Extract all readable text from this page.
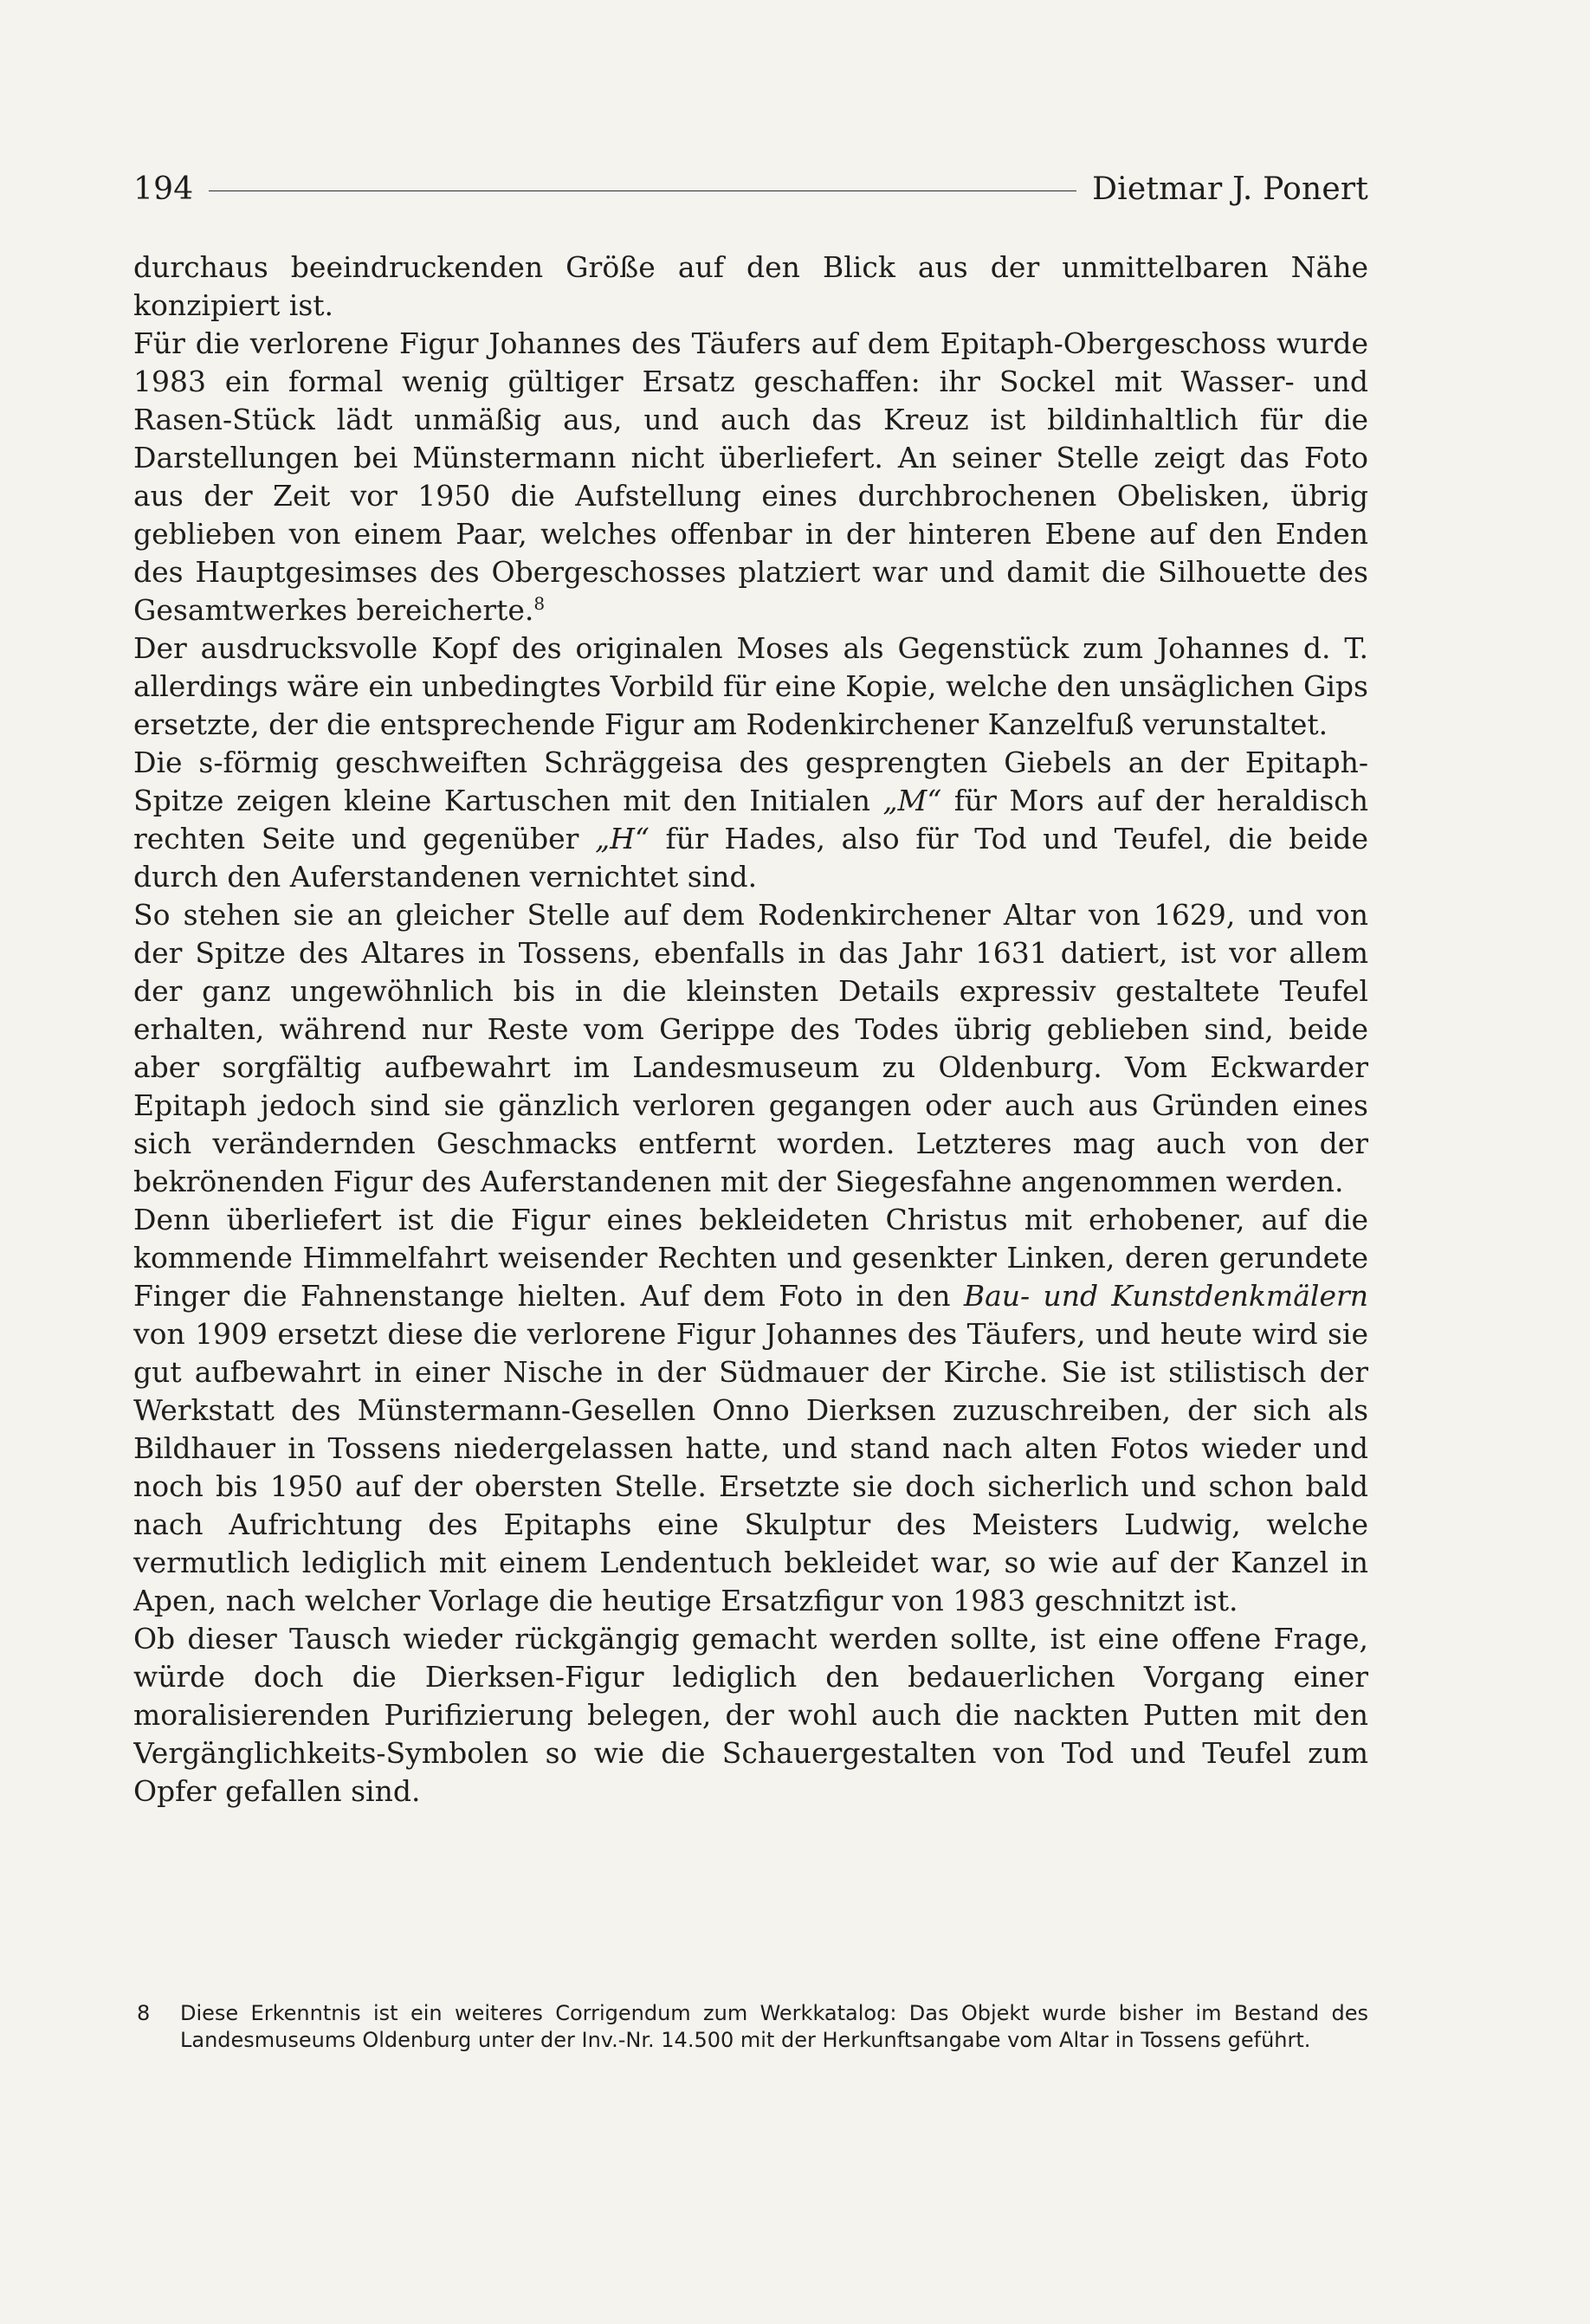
194	Dietmar J. Ponert

durchaus beeindruckenden Größe auf den Blick aus der unmittelbaren Nähe konzipiert ist.

Für die verlorene Figur Johannes des Täufers auf dem Epitaph-Obergeschoss wurde 1983 ein formal wenig gültiger Ersatz geschaffen: ihr Sockel mit Wasser- und Rasen-Stück lädt unmäßig aus, und auch das Kreuz ist bildinhaltlich für die Darstellungen bei Münstermann nicht überliefert. An seiner Stelle zeigt das Foto aus der Zeit vor 1950 die Aufstellung eines durchbrochenen Obelisken, übrig geblieben von einem Paar, welches offenbar in der hinteren Ebene auf den Enden des Hauptgesimses des Obergeschosses platziert war und damit die Silhouette des Gesamtwerkes bereicherte.$^8$

Der ausdrucksvolle Kopf des originalen Moses als Gegenstück zum Johannes d. T. allerdings wäre ein unbedingtes Vorbild für eine Kopie, welche den unsäglichen Gips ersetzte, der die entsprechende Figur am Rodenkirchener Kanzelfuß verunstaltet.

Die s-förmig geschweiften Schräggeisa des gesprengten Giebels an der Epitaph-Spitze zeigen kleine Kartuschen mit den Initialen „M“ für Mors auf der heraldisch rechten Seite und gegenüber „H“ für Hades, also für Tod und Teufel, die beide durch den Auferstandenen vernichtet sind.

So stehen sie an gleicher Stelle auf dem Rodenkirchener Altar von 1629, und von der Spitze des Altares in Tossens, ebenfalls in das Jahr 1631 datiert, ist vor allem der ganz ungewöhnlich bis in die kleinsten Details expressiv gestaltete Teufel erhalten, während nur Reste vom Gerippe des Todes übrig geblieben sind, beide aber sorgfältig aufbewahrt im Landesmuseum zu Oldenburg. Vom Eckwarder Epitaph jedoch sind sie gänzlich verloren gegangen oder auch aus Gründen eines sich verändernden Geschmacks entfernt worden. Letzteres mag auch von der bekrönenden Figur des Auferstandenen mit der Siegesfahne angenommen werden.

Denn überliefert ist die Figur eines bekleideten Christus mit erhobener, auf die kommende Himmelfahrt weisender Rechten und gesenkter Linken, deren gerundete Finger die Fahnenstange hielten. Auf dem Foto in den Bau- und Kunstdenkmälern von 1909 ersetzt diese die verlorene Figur Johannes des Täufers, und heute wird sie gut aufbewahrt in einer Nische in der Südmauer der Kirche. Sie ist stilistisch der Werkstatt des Münstermann-Gesellen Onno Dierksen zuzuschreiben, der sich als Bildhauer in Tossens niedergelassen hatte, und stand nach alten Fotos wieder und noch bis 1950 auf der obersten Stelle. Ersetzte sie doch sicherlich und schon bald nach Aufrichtung des Epitaphs eine Skulptur des Meisters Ludwig, welche vermutlich lediglich mit einem Lendentuch bekleidet war, so wie auf der Kanzel in Apen, nach welcher Vorlage die heutige Ersatzfigur von 1983 geschnitzt ist.

Ob dieser Tausch wieder rückgängig gemacht werden sollte, ist eine offene Frage, würde doch die Dierksen-Figur lediglich den bedauerlichen Vorgang einer moralisierenden Purifizierung belegen, der wohl auch die nackten Putten mit den Vergänglichkeits-Symbolen so wie die Schauergestalten von Tod und Teufel zum Opfer gefallen sind.

8	Diese Erkenntnis ist ein weiteres Corrigendum zum Werkkatalog: Das Objekt wurde bisher im Bestand des Landesmuseums Oldenburg unter der Inv.-Nr. 14.500 mit der Herkunftsangabe vom Altar in Tossens geführt.
